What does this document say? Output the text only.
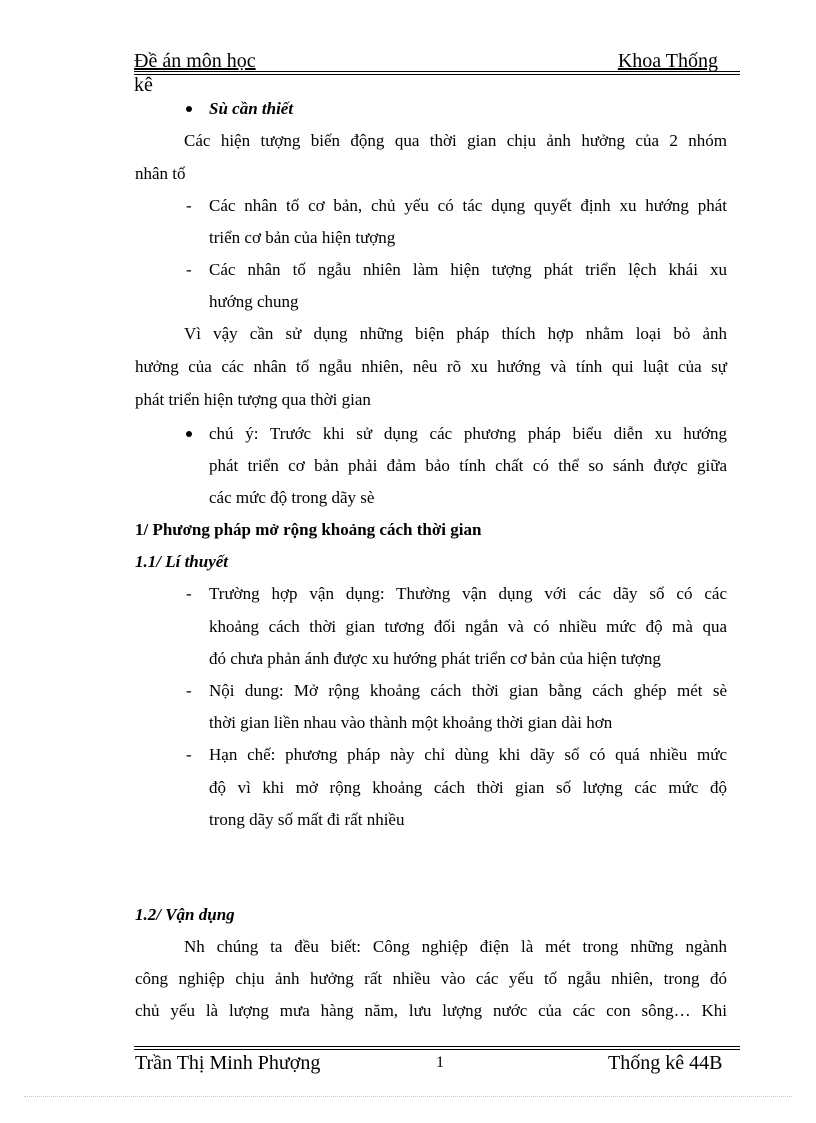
Đề án môn học	Khoa Thống
kê
Sù cần thiết
Các hiện tượng biến động qua thời gian chịu ảnh hưởng của 2 nhóm
nhân tố
- Các nhân tố cơ bản, chủ yếu có tác dụng quyết định xu hướng phát
triển cơ bản của hiện tượng
- Các nhân tố ngẫu nhiên làm hiện tượng phát triển lệch khái xu
hướng chung
Vì vậy cần sử dụng những biện pháp thích hợp nhằm loại bỏ ảnh
hưởng của các nhân tố ngẫu nhiên, nêu rõ xu hướng và tính qui luật của sự
phát triển hiện tượng qua thời gian
chú ý: Trước khi sử dụng các phương pháp biểu diễn xu hướng
phát triển cơ bản phải đảm bảo tính chất có thể so sánh được giữa
các mức độ trong dãy sè
1/ Phương pháp mở rộng khoảng cách thời gian
1.1/ Lí thuyết
- Trường hợp vận dụng: Thường vận dụng với các dãy số có các
khoảng cách thời gian tương đối ngắn và có nhiều mức độ mà qua
đó chưa phản ánh được xu hướng phát triển cơ bản của hiện tượng
- Nội dung: Mở rộng khoảng cách thời gian bằng cách ghép mét sè
thời gian liền nhau vào thành một khoảng thời gian dài hơn
- Hạn chế: phương pháp này chỉ dùng khi dãy số có quá nhiều mức
độ vì khi mở rộng khoảng cách thời gian số lượng các mức độ
trong dãy số mất đi rất nhiều
1.2/ Vận dụng
Nh chúng ta đều biết: Công nghiệp điện là mét trong những ngành
công nghiệp chịu ảnh hưởng rất nhiều vào các yếu tố ngẫu nhiên, trong đó
chủ yếu là lượng mưa hàng năm, lưu lượng nước của các con sông… Khi
Trần Thị Minh Phượng	1	Thống kê 44B
